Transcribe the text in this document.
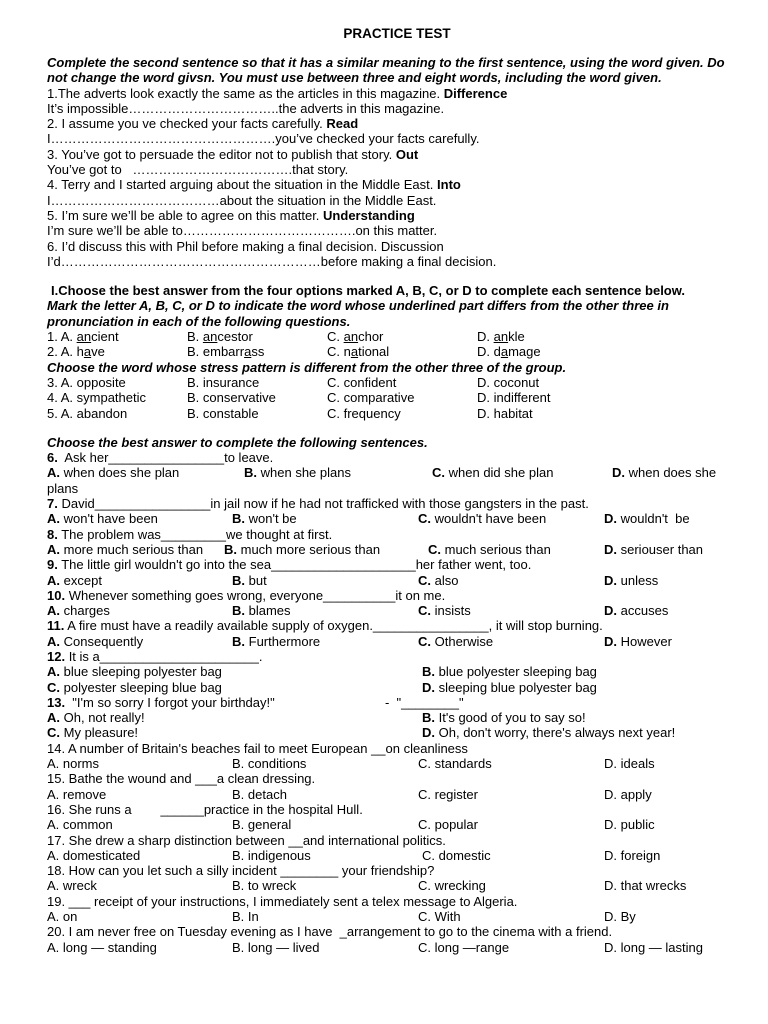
PRACTICE TEST

Complete the second sentence so that it has a similar meaning to the first sentence, using the word given. Do not change the word givsn. You must use between three and eight words, including the word given.

1.The adverts look exactly the same as the articles in this magazine. Difference

It’s impossible……………………………..the adverts in this magazine.

2. I assume you ve checked your facts carefully. Read

I…………………………………………….you’ve checked your facts carefully.

3. You’ve got to persuade the editor not to publish that story. Out

You’ve got to   ……………………………….that story.

4. Terry and I started arguing about the situation in the Middle East. Into

I…………………………………about the situation in the Middle East.

5. I’m sure we’ll be able to agree on this matter. Understanding

I’m sure we’ll be able to………………………………….on this matter.

6. I’d discuss this with Phil before making a final decision. Discussion

I’d……………………………………………………before making a final decision.

I.Choose the best answer from the four options marked A, B, C, or D to complete each sentence below.

Mark the letter A, B, C, or D to indicate the word whose underlined part differs from the other three in pronunciation in each of the following questions.

1. A. ancient	B. ancestor	C. anchor	D. ankle
2. A. have	B. embarrass	C. national	D. damage

Choose the word whose stress pattern is different from the other three of the group.

3. A. opposite	B. insurance	C. confident	D. coconut
4. A. sympathetic	B. conservative	C. comparative	D. indifferent
5. A. abandon	B. constable	C. frequency	D. habitat

Choose the best answer to complete the following sentences.

6.  Ask her________________to leave.

A. when does she plan	B. when she plans	C. when did she plan	D. when does she

plans

7. David________________in jail now if he had not trafficked with those gangsters in the past.

A. won't have been	B. won't be	C. wouldn't have been	D. wouldn't  be

8. The problem was_________we thought at first.

A. more much serious than	B. much more serious than	C. much serious than	D. seriouser than

9. The little girl wouldn't go into the sea____________________her father went, too.

A. except	B. but	C. also	D. unless

10. Whenever something goes wrong, everyone__________it on me.

A. charges	B. blames	C. insists	D. accuses

11. A fire must have a readily available supply of oxygen.________________, it will stop burning.

A. Consequently	B. Furthermore	C. Otherwise	D. However

12. It is a______________________.

A. blue sleeping polyester bag	B. blue polyester sleeping bag
C. polyester sleeping blue bag	D. sleeping blue polyester bag

13.  "I'm so sorry I forgot your birthday!"	-  "________"

A. Oh, not really!	B. It's good of you to say so!
C. My pleasure!	D. Oh, don't worry, there's always next year!

14. A number of Britain's beaches fail to meet European __on cleanliness

A. norms	B. conditions	C. standards	D. ideals

15. Bathe the wound and ___a clean dressing.

A. remove	B. detach	C. register	D. apply

16. She runs a        ______practice in the hospital Hull.

A. common	B. general	C. popular	D. public

17. She drew a sharp distinction between __and international politics.

A. domesticated	B. indigenous	C. domestic	D. foreign

18. How can you let such a silly incident ________ your friendship?

A. wreck	B. to wreck	C. wrecking	D. that wrecks

19. ___ receipt of your instructions, I immediately sent a telex message to Algeria.

A. on	B. In	C. With	D. By

20. I am never free on Tuesday evening as I have  _arrangement to go to the cinema with a friend.

A. long — standing	B. long — lived	C. long —range	D. long — lasting
